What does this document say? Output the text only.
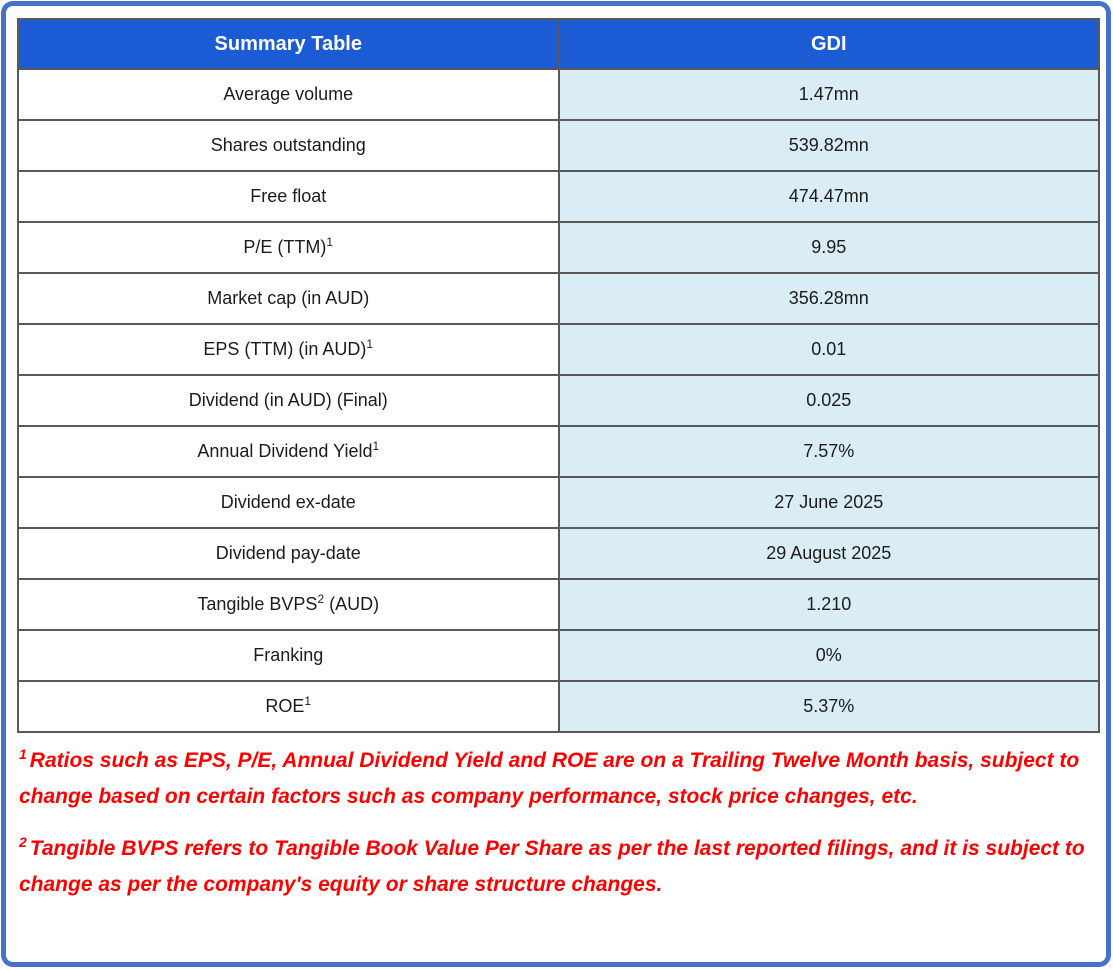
Summary Table	GDI
Average volume	1.47mn
Shares outstanding	539.82mn
Free float	474.47mn
P/E (TTM)$^1$	9.95
Market cap (in AUD)	356.28mn
EPS (TTM) (in AUD)$^1$	0.01
Dividend (in AUD) (Final)	0.025
Annual Dividend Yield$^1$	7.57%
Dividend ex-date	27 June 2025
Dividend pay-date	29 August 2025
Tangible BVPS$^2$ (AUD)	1.210
Franking	0%
ROE$^1$	5.37%

$^1$ Ratios such as EPS, P/E, Annual Dividend Yield and ROE are on a Trailing Twelve Month basis, subject to change based on certain factors such as company performance, stock price changes, etc.

$^2$ Tangible BVPS refers to Tangible Book Value Per Share as per the last reported filings, and it is subject to change as per the company's equity or share structure changes.
